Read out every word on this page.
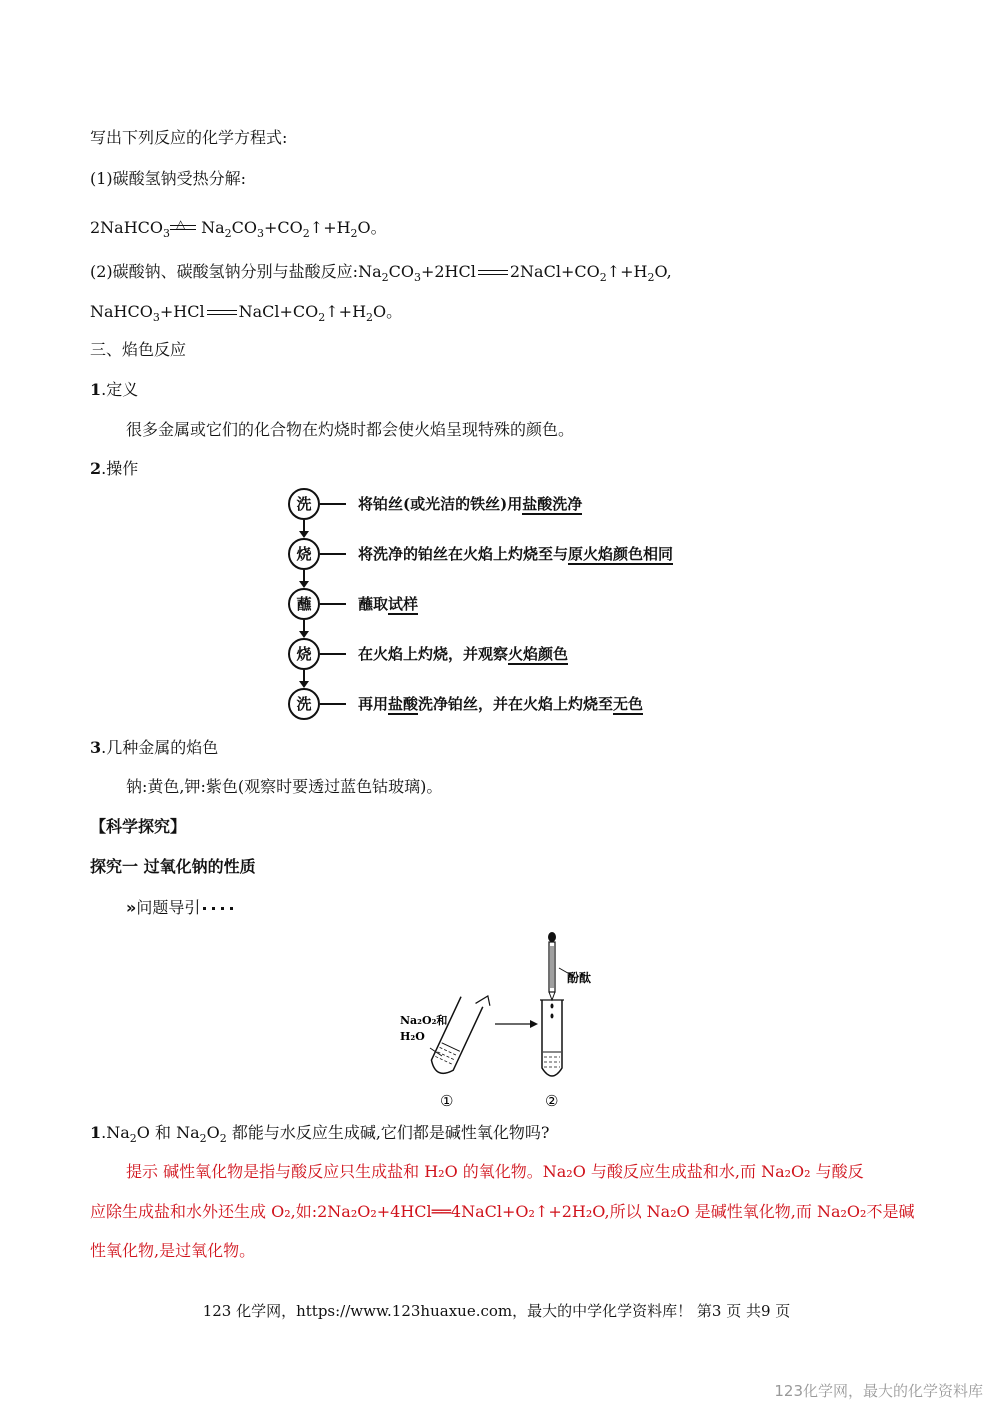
写出下列反应的化学方程式:
(1)碳酸氢钠受热分解:
2NaHCO$_3$
△ $Na_2CO_3+CO_2↑+H_2O$。
(2)碳酸钠、碳酸氢钠分别与盐酸反应$:Na_2CO_3+2HCl$ $2NaCl+CO_2↑+H_2O$,
NaHCO$_3$+HCl $NaCl+CO_2↑+H_2O$。
三、焰色反应
1.定义
很多金属或它们的化合物在灼烧时都会使火焰呈现特殊的颜色。
2.操作
洗	将铂丝(或光洁的铁丝)用盐酸洗净
烧	将洗净的铂丝在火焰上灼烧至与原火焰颜色相同
蘸	蘸取试样
烧	在火焰上灼烧，并观察火焰颜色
洗	再用盐酸洗净铂丝，并在火焰上灼烧至无色
3.几种金属的焰色
钠:黄色,钾:紫色(观察时要透过蓝色钴玻璃)。
【科学探究】
探究一 过氧化钠的性质
»问题导引
Na₂O₂和
H₂O
酚酞
①	②
$1.Na_2O$ 和 $Na_2O_2$ 都能与水反应生成碱,它们都是碱性氧化物吗?
提示 碱性氧化物是指与酸反应只生成盐和 H₂O 的氧化物。Na₂O 与酸反应生成盐和水,而 Na₂O₂ 与酸反
应除生成盐和水外还生成 O₂,如:2Na₂O₂+4HCl══4NaCl+O₂↑+2H₂O,所以 Na₂O 是碱性氧化物,而 Na₂O₂不是碱
性氧化物,是过氧化物。
123 化学网，https://www.123huaxue.com，最大的中学化学资料库！ 第3 页 共9 页
123化学网，最大的化学资料库
